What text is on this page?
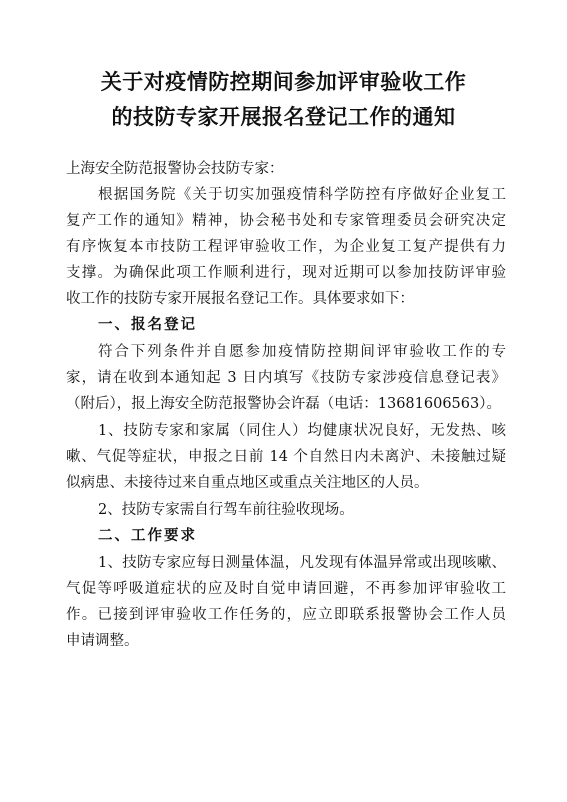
关于对疫情防控期间参加评审验收工作
的技防专家开展报名登记工作的通知
上海安全防范报警协会技防专家：
根据国务院《关于切实加强疫情科学防控有序做好企业复工
复产工作的通知》精神，协会秘书处和专家管理委员会研究决定
有序恢复本市技防工程评审验收工作，为企业复工复产提供有力
支撑。为确保此项工作顺利进行，现对近期可以参加技防评审验
收工作的技防专家开展报名登记工作。具体要求如下：
一、报名登记
符合下列条件并自愿参加疫情防控期间评审验收工作的专
家，请在收到本通知起 3 日内填写《技防专家涉疫信息登记表》
（附后），报上海安全防范报警协会许磊（电话：13681606563）。
1、技防专家和家属（同住人）均健康状况良好，无发热、咳
嗽、气促等症状，申报之日前 14 个自然日内未离沪、未接触过疑
似病患、未接待过来自重点地区或重点关注地区的人员。
2、技防专家需自行驾车前往验收现场。
二、工作要求
1、技防专家应每日测量体温，凡发现有体温异常或出现咳嗽、
气促等呼吸道症状的应及时自觉申请回避，不再参加评审验收工
作。已接到评审验收工作任务的，应立即联系报警协会工作人员
申请调整。
